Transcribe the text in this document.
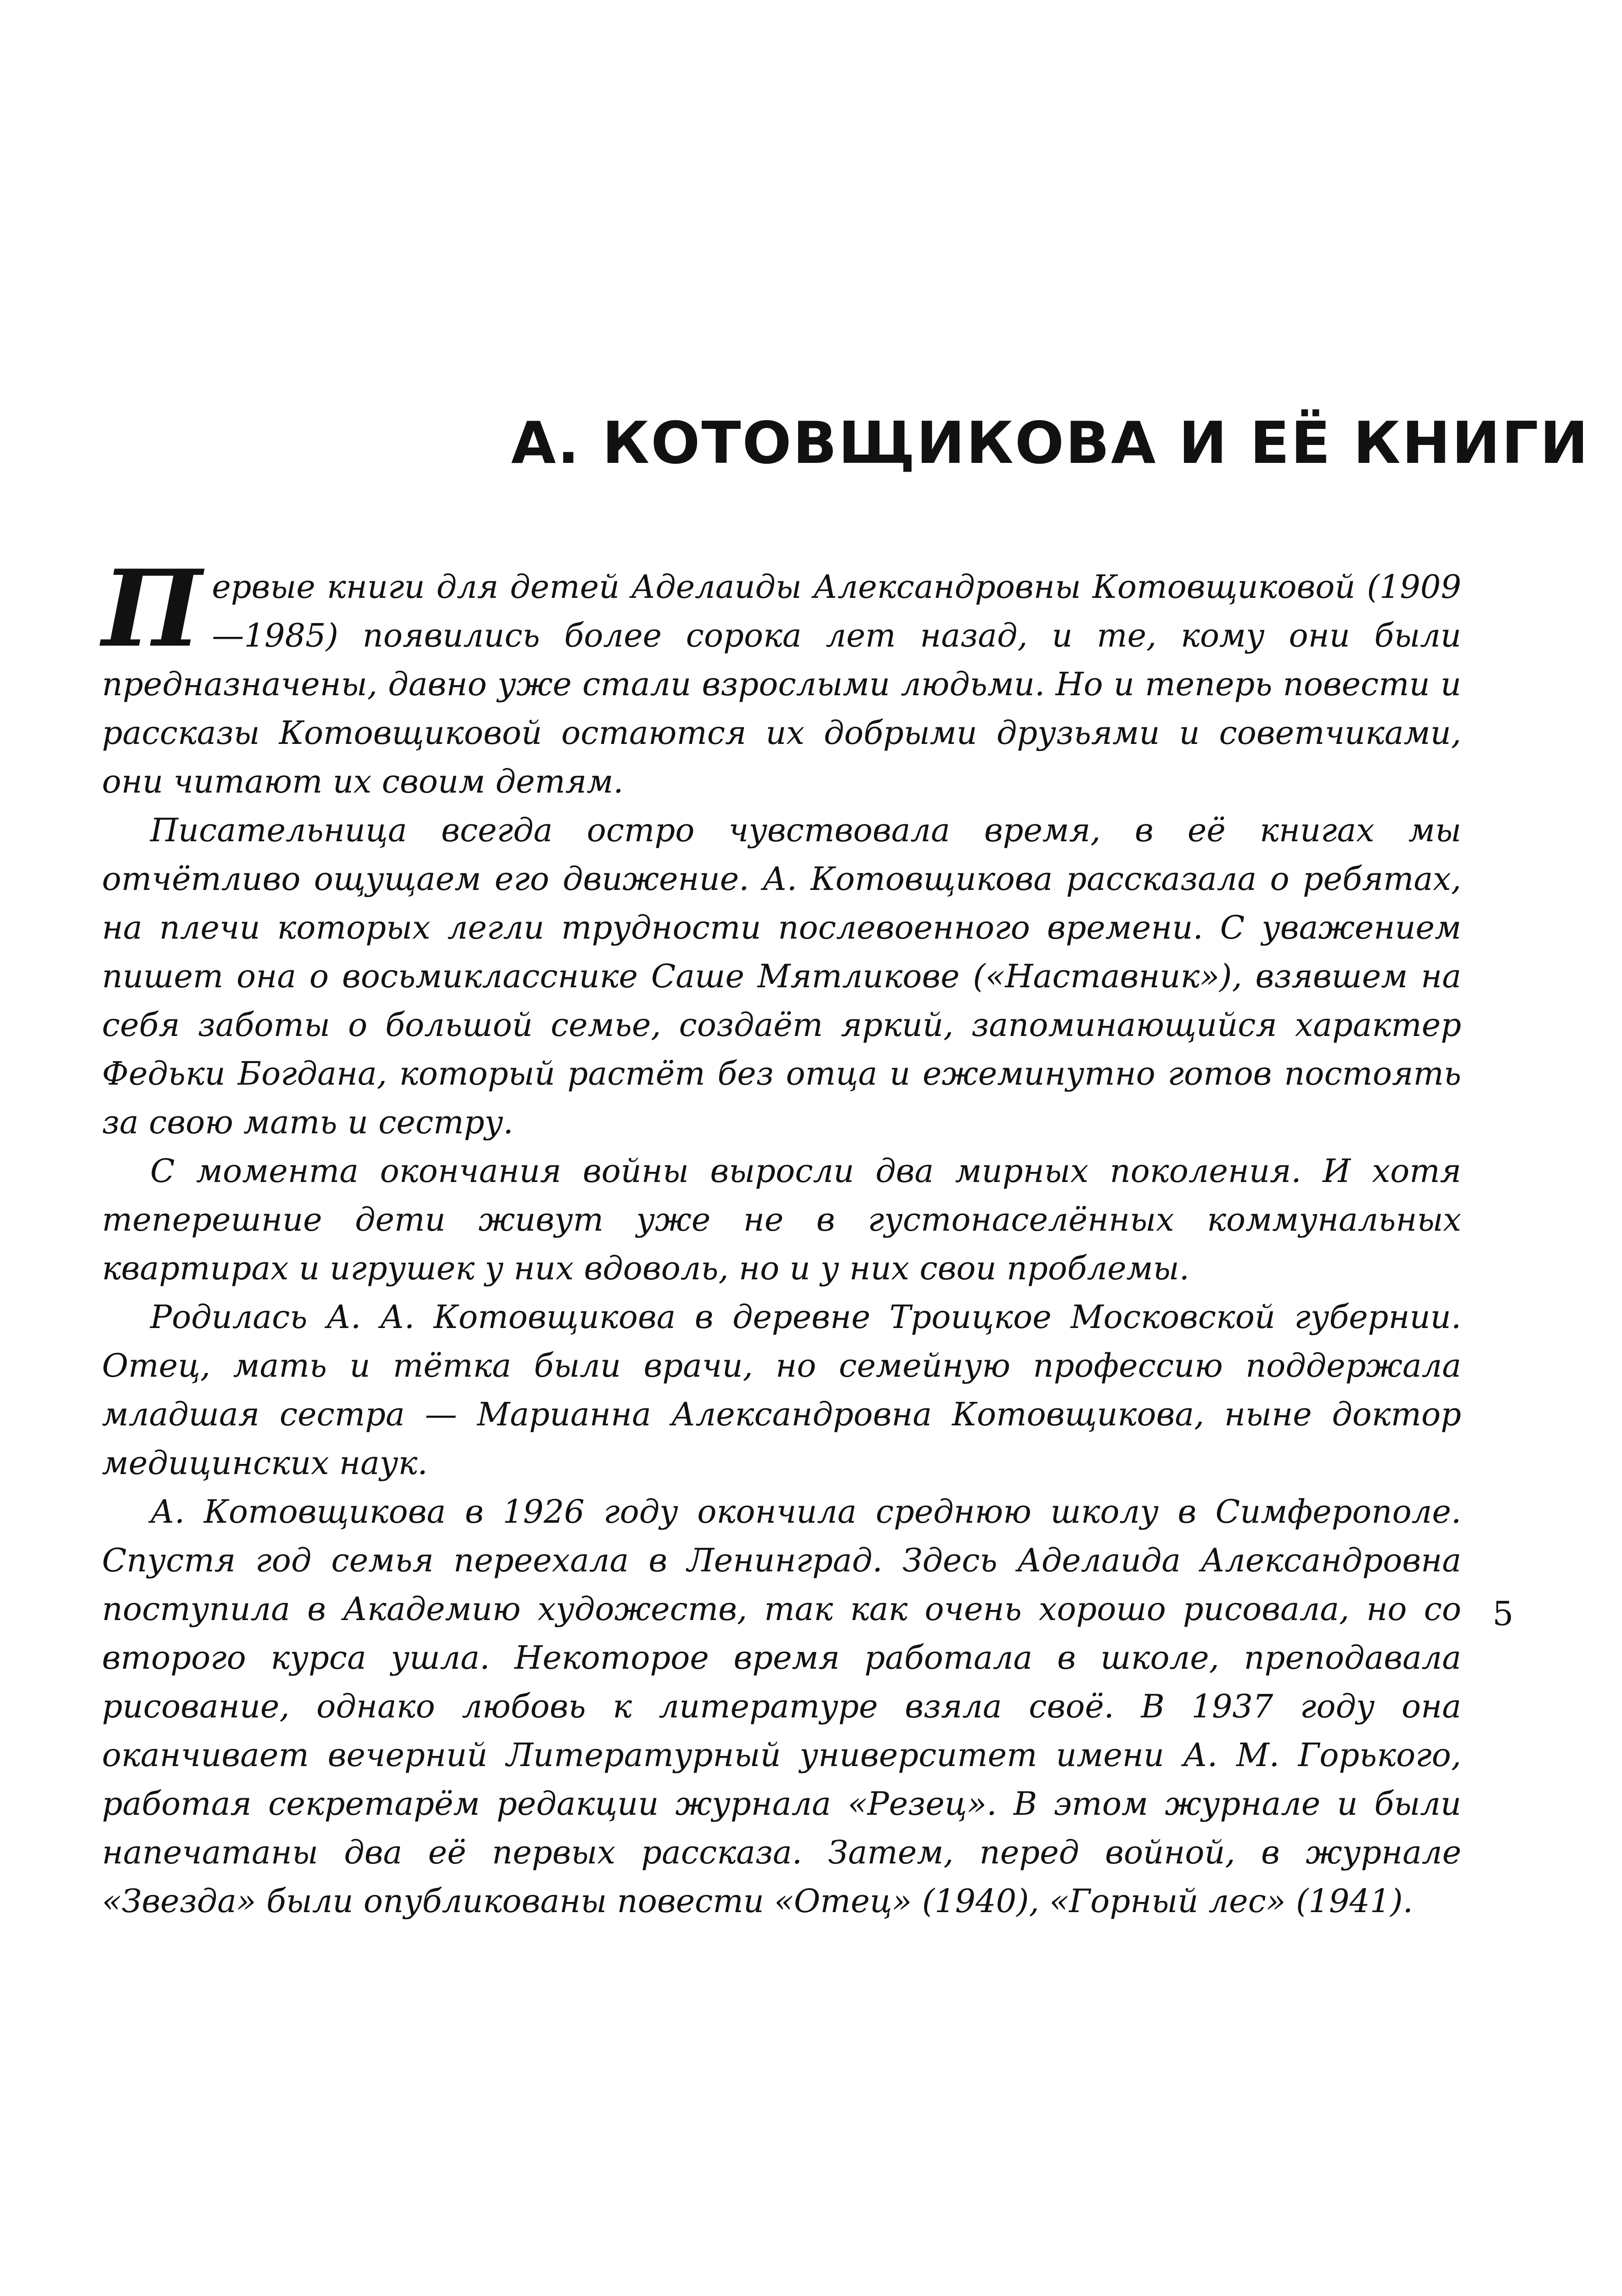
А. КОТОВЩИКОВА И ЕЁ КНИГИ

Первые книги для детей Аделаиды Александровны Котовщиковой (1909—1985) появились более сорока лет назад, и те, кому они были предназначены, давно уже стали взрослыми людьми. Но и теперь повести и рассказы Котовщиковой остаются их добрыми друзьями и советчиками, они читают их своим детям.

Писательница всегда остро чувствовала время, в её книгах мы отчётливо ощущаем его движение. А. Котовщикова рассказала о ребятах, на плечи которых легли трудности послевоенного времени. С уважением пишет она о восьмикласснике Саше Мятликове («Наставник»), взявшем на себя заботы о большой семье, создаёт яркий, запоминающийся характер Федьки Богдана, который растёт без отца и ежеминутно готов постоять за свою мать и сестру.

С момента окончания войны выросли два мирных поколения. И хотя теперешние дети живут уже не в густонаселённых коммунальных квартирах и игрушек у них вдоволь, но и у них свои проблемы.

Родилась А. А. Котовщикова в деревне Троицкое Московской губернии. Отец, мать и тётка были врачи, но семейную профессию поддержала младшая сестра — Марианна Александровна Котовщикова, ныне доктор медицинских наук.

А. Котовщикова в 1926 году окончила среднюю школу в Симферополе. Спустя год семья переехала в Ленинград. Здесь Аделаида Александровна поступила в Академию художеств, так как очень хорошо рисовала, но со второго курса ушла. Некоторое время работала в школе, преподавала рисование, однако любовь к литературе взяла своё. В 1937 году она оканчивает вечерний Литературный университет имени А. М. Горького, работая секретарём редакции журнала «Резец». В этом журнале и были напечатаны два её первых рассказа. Затем, перед войной, в журнале «Звезда» были опубликованы повести «Отец» (1940), «Горный лес» (1941).

5
